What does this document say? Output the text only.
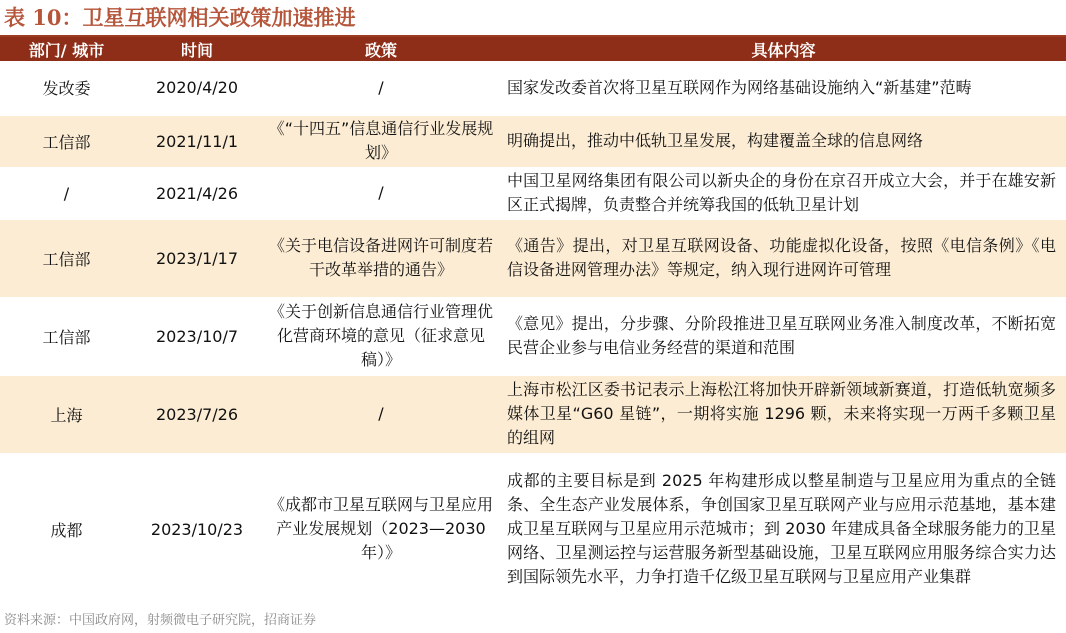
表 10：卫星互联网相关政策加速推进
部门/ 城市	时间	政策	具体内容
发改委	2020/4/20	/	国家发改委首次将卫星互联网作为网络基础设施纳入“新基建”范畴
工信部	2021/11/1	《“十四五”信息通信行业发展规划》	明确提出，推动中低轨卫星发展，构建覆盖全球的信息网络
/	2021/4/26	/	中国卫星网络集团有限公司以新央企的身份在京召开成立大会，并于在雄安新区正式揭牌，负责整合并统筹我国的低轨卫星计划
工信部	2023/1/17	《关于电信设备进网许可制度若干改革举措的通告》	《通告》提出，对卫星互联网设备、功能虚拟化设备，按照《电信条例》《电信设备进网管理办法》等规定，纳入现行进网许可管理
工信部	2023/10/7	《关于创新信息通信行业管理优化营商环境的意见（征求意见稿）》	《意见》提出，分步骤、分阶段推进卫星互联网业务准入制度改革，不断拓宽民营企业参与电信业务经营的渠道和范围
上海	2023/7/26	/	上海市松江区委书记表示上海松江将加快开辟新领域新赛道，打造低轨宽频多媒体卫星“G60 星链”，一期将实施 1296 颗，未来将实现一万两千多颗卫星的组网
成都	2023/10/23	《成都市卫星互联网与卫星应用产业发展规划（2023—2030 年）》	成都的主要目标是到 2025 年构建形成以整星制造与卫星应用为重点的全链条、全生态产业发展体系，争创国家卫星互联网产业与应用示范基地，基本建成卫星互联网与卫星应用示范城市；到 2030 年建成具备全球服务能力的卫星网络、卫星测运控与运营服务新型基础设施，卫星互联网应用服务综合实力达到国际领先水平，力争打造千亿级卫星互联网与卫星应用产业集群
资料来源：中国政府网，射频微电子研究院，招商证券
